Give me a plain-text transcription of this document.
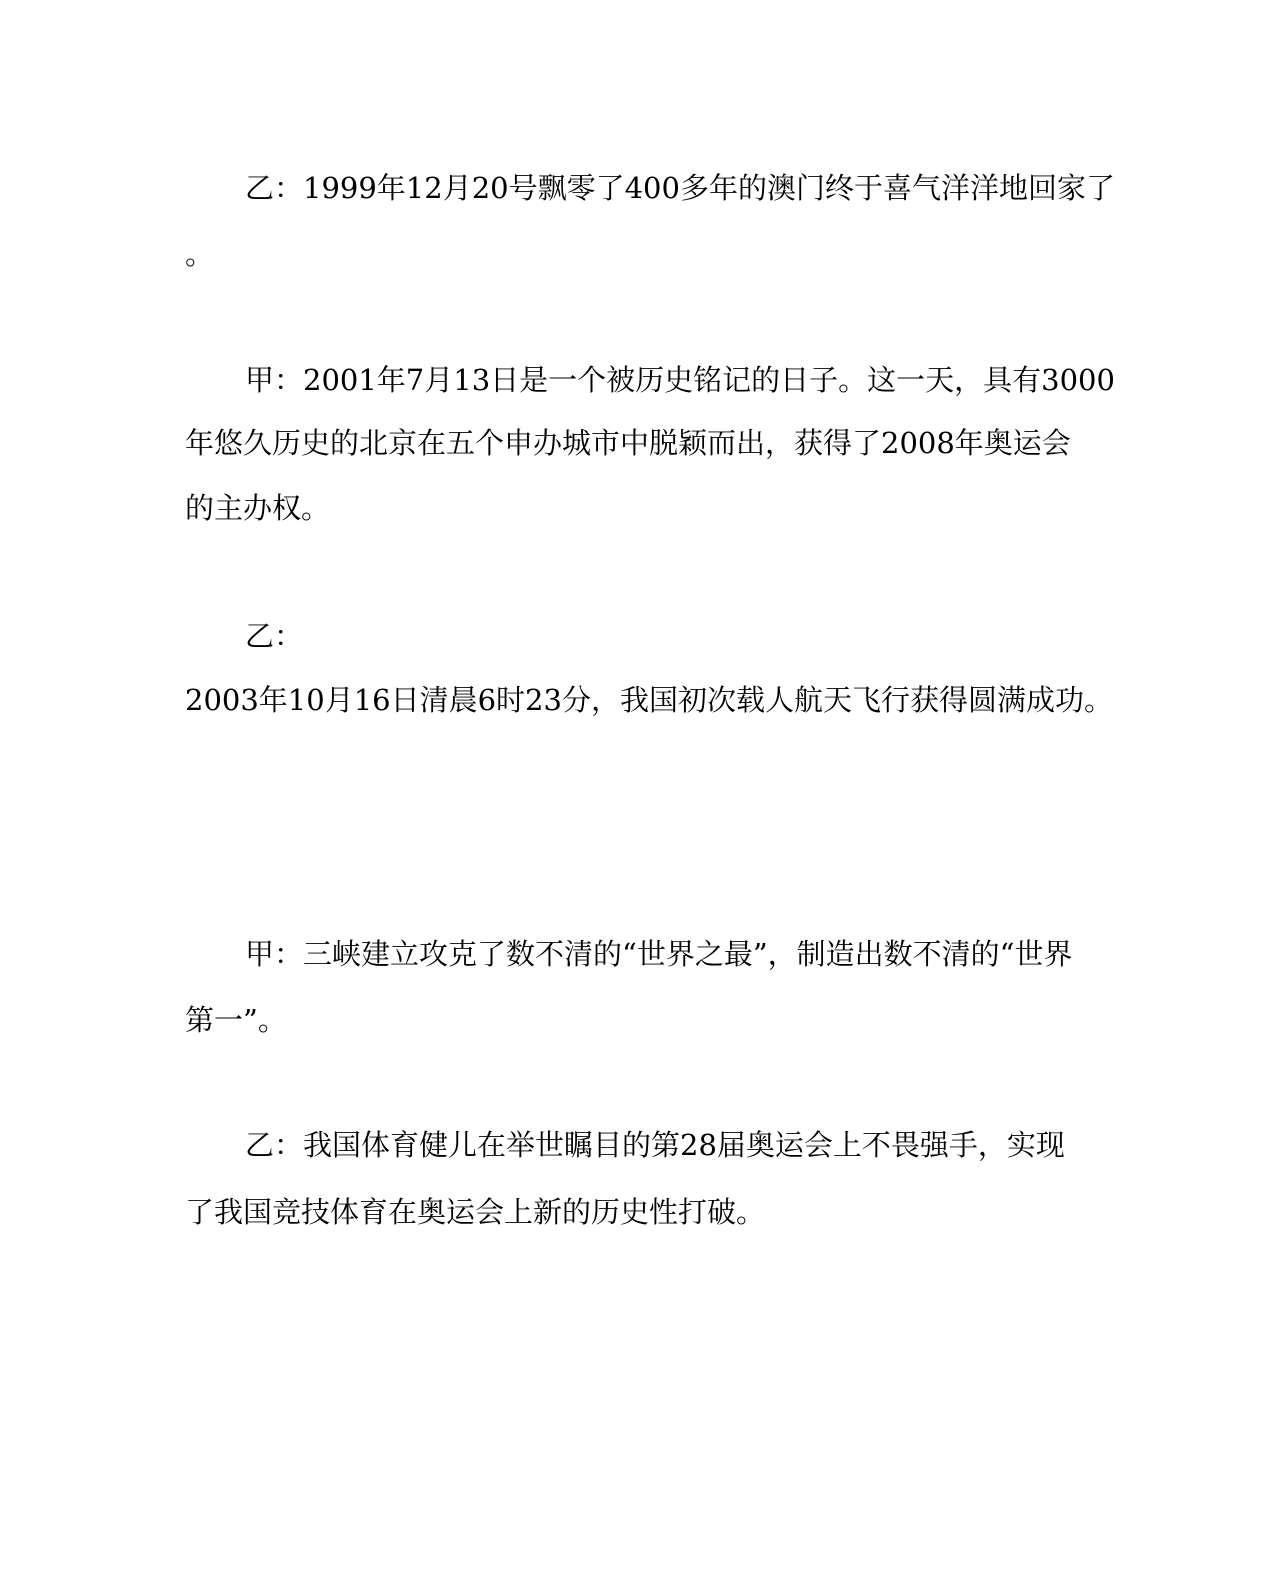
乙：1999年12月20号飘零了400多年的澳门终于喜气洋洋地回家了

。

甲：2001年7月13日是一个被历史铭记的日子。这一天，具有3000

年悠久历史的北京在五个申办城市中脱颖而出，获得了2008年奥运会

的主办权。

乙：

2003年10月16日清晨6时23分，我国初次载人航天飞行获得圆满成功。

甲：三峡建立攻克了数不清的“世界之最”，制造出数不清的“世界

第一”。

乙：我国体育健儿在举世瞩目的第28届奥运会上不畏强手，实现

了我国竞技体育在奥运会上新的历史性打破。
